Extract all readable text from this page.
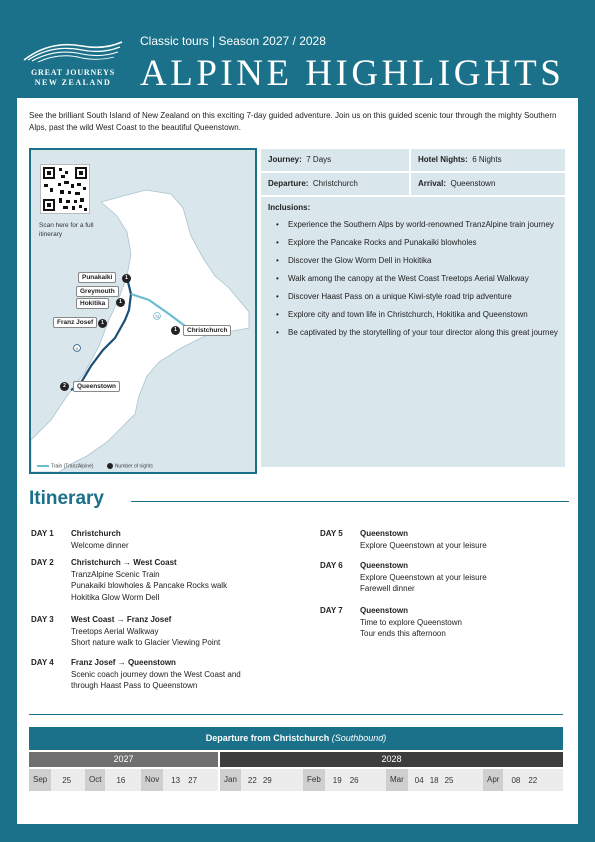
GREAT JOURNEYS
NEW ZEALAND
Classic tours | Season 2027 / 2028
ALPINE HIGHLIGHTS

See the brilliant South Island of New Zealand on this exciting 7-day guided adventure. Join us on this guided scenic tour through the mighty Southern Alps, past the wild West Coast to the beautiful Queenstown.

73
6
Scan here for a full itinerary
Punakaiki	1
Greymouth
Hokitika	1
Franz Josef	1
1	Christchurch
2	Queenstown
Train (TranzAlpine)	Number of nights
Journey: 7 Days	Hotel Nights: 6 Nights
Departure: Christchurch	Arrival: Queenstown
Inclusions:
• Experience the Southern Alps by world-renowned TranzAlpine train journey
• Explore the Pancake Rocks and Punakaiki blowholes
• Discover the Glow Worm Dell in Hokitika
• Walk among the canopy at the West Coast Treetops Aerial Walkway
• Discover Haast Pass on a unique Kiwi-style road trip adventure
• Explore city and town life in Christchurch, Hokitika and Queenstown
• Be captivated by the storytelling of your tour director along this great journey
Itinerary
DAY 1	Christchurch
Welcome dinner
DAY 2	Christchurch → West Coast
TranzAlpine Scenic Train
Punakaiki blowholes & Pancake Rocks walk
Hokitika Glow Worm Dell
DAY 3	West Coast → Franz Josef
Treetops Aerial Walkway
Short nature walk to Glacier Viewing Point
DAY 4	Franz Josef → Queenstown
Scenic coach journey down the West Coast and
through Haast Pass to Queenstown
DAY 5	Queenstown
Explore Queenstown at your leisure
DAY 6	Queenstown
Explore Queenstown at your leisure
Farewell dinner
DAY 7	Queenstown
Time to explore Queenstown
Tour ends this afternoon
Departure from Christchurch (Southbound)
2027	2028
Sep	25	Oct	16	Nov	13 27	Jan	22 29	Feb	19 26	Mar	04 18 25	Apr	08 22
